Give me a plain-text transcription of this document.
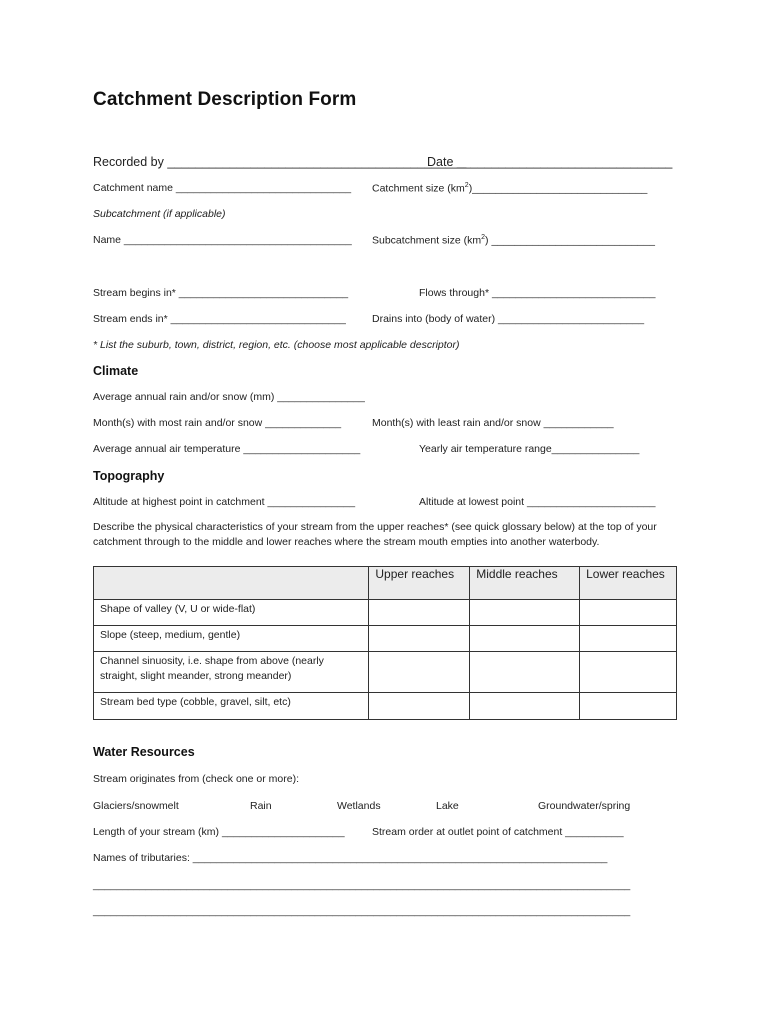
Catchment Description Form
Recorded by ___________________________________________
Date _______________________________
Catchment name ______________________________ Catchment size $(km^2)\_\_\_\_\_\_\_\_\_\_\_\_\_\_\_\_\_\_\_\_\_\_\_\_\_\_\_\_\_\_$
Subcatchment (if applicable)
Name _______________________________________ Subcatchment size $(km^2)$ ____________________________
Stream begins in* _____________________________	Flows through* ____________________________
Stream ends in* ______________________________ Drains into (body of water) _________________________
* List the suburb, town, district, region, etc. (choose most applicable descriptor)
Climate
Average annual rain and/or snow (mm) _______________
Month(s) with most rain and/or snow _____________	Month(s) with least rain and/or snow ____________
Average annual air temperature ____________________	Yearly air temperature range_______________
Topography
Altitude at highest point in catchment _______________	Altitude at lowest point ______________________
Describe the physical characteristics of your stream from the upper reaches* (see quick glossary below) at the top of your catchment through to the middle and lower reaches where the stream mouth empties into another waterbody.
	Upper reaches	Middle reaches	Lower reaches
Shape of valley (V, U or wide-flat)			
Slope (steep, medium, gentle)			
Channel sinuosity, i.e. shape from above (nearly straight, slight meander, strong meander)			
Stream bed type (cobble, gravel, silt, etc)			
Water Resources
Stream originates from (check one or more):
Glaciers/snowmelt	Rain	Wetlands	Lake	Groundwater/spring
Length of your stream (km) _____________________	Stream order at outlet point of catchment __________
Names of tributaries: _______________________________________________________________________
____________________________________________________________________________________________
____________________________________________________________________________________________
